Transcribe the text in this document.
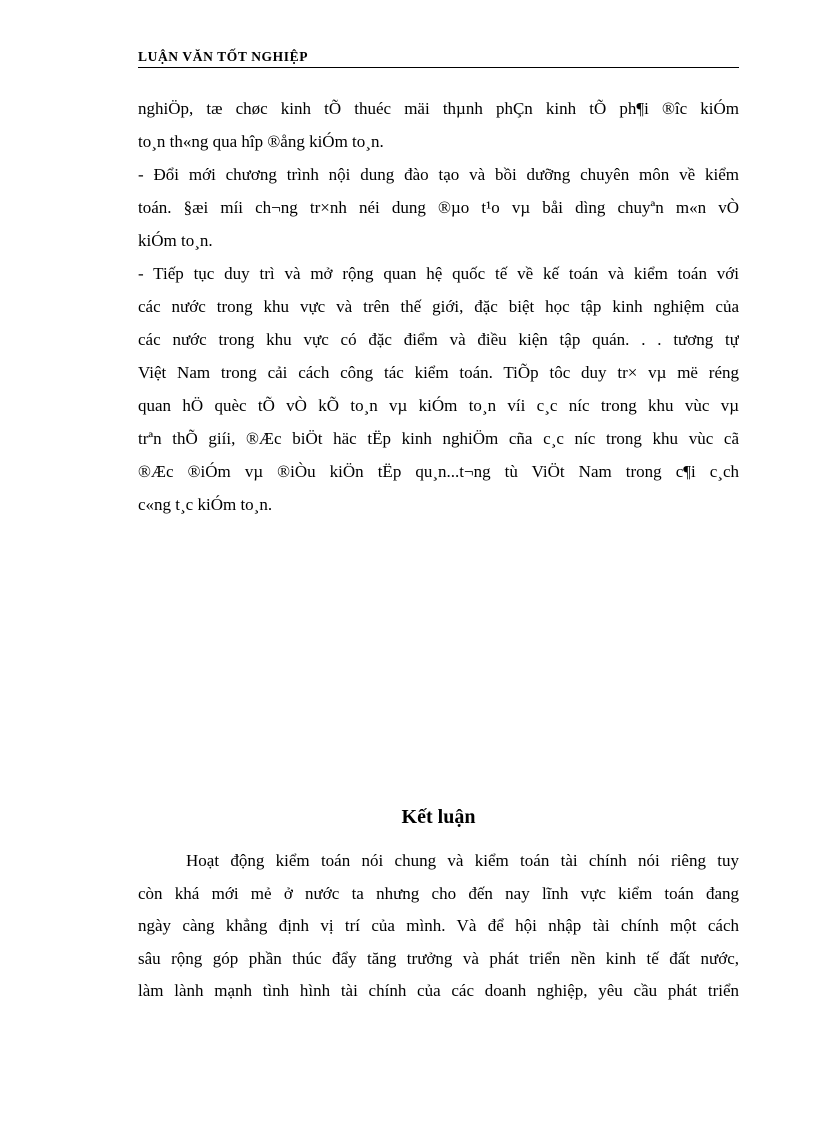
LUẬN VĂN TỐT NGHIỆP
nghiÖp, tæ chøc kinh tÕ thuéc mäi thµnh phÇn kinh tÕ ph¶i ®îc kiÓm
to¸n th«ng qua hîp ®ång kiÓm to¸n.
- Đổi mới chương trình nội dung đào tạo và bồi dưỡng chuyên môn về kiểm
toán. §æi míi ch¬ng tr×nh néi dung ®µo t¹o vµ båi dìng chuyªn m«n vÒ
kiÓm to¸n.
- Tiếp tục duy trì và mở rộng quan hệ quốc tế về kế toán và kiểm toán với
các nước trong khu vực và trên thế giới, đặc biệt học tập kinh nghiệm của
các nước trong khu vực có đặc điểm và điều kiện tập quán. . . tương tự
Việt Nam trong cải cách công tác kiểm toán. TiÕp tôc duy tr× vµ më réng
quan hÖ quèc tÕ vÒ kÕ to¸n vµ kiÓm to¸n víi c¸c níc trong khu vùc vµ
trªn thÕ giíi, ®Æc biÖt häc tËp kinh nghiÖm cña c¸c níc trong khu vùc cã
®Æc ®iÓm vµ ®iÒu kiÖn tËp qu¸n...t¬ng tù ViÖt Nam trong c¶i c¸ch
c«ng t¸c kiÓm to¸n.
Kết luận
Hoạt động kiểm toán nói chung và kiểm toán tài chính nói riêng tuy
còn khá mới mẻ ở nước ta nhưng cho đến nay lĩnh vực kiểm toán đang
ngày càng khẳng định vị trí của mình. Và để hội nhập tài chính một cách
sâu rộng góp phần thúc đẩy tăng trưởng và phát triển nền kinh tế đất nước,
làm lành mạnh tình hình tài chính của các doanh nghiệp, yêu cầu phát triển
